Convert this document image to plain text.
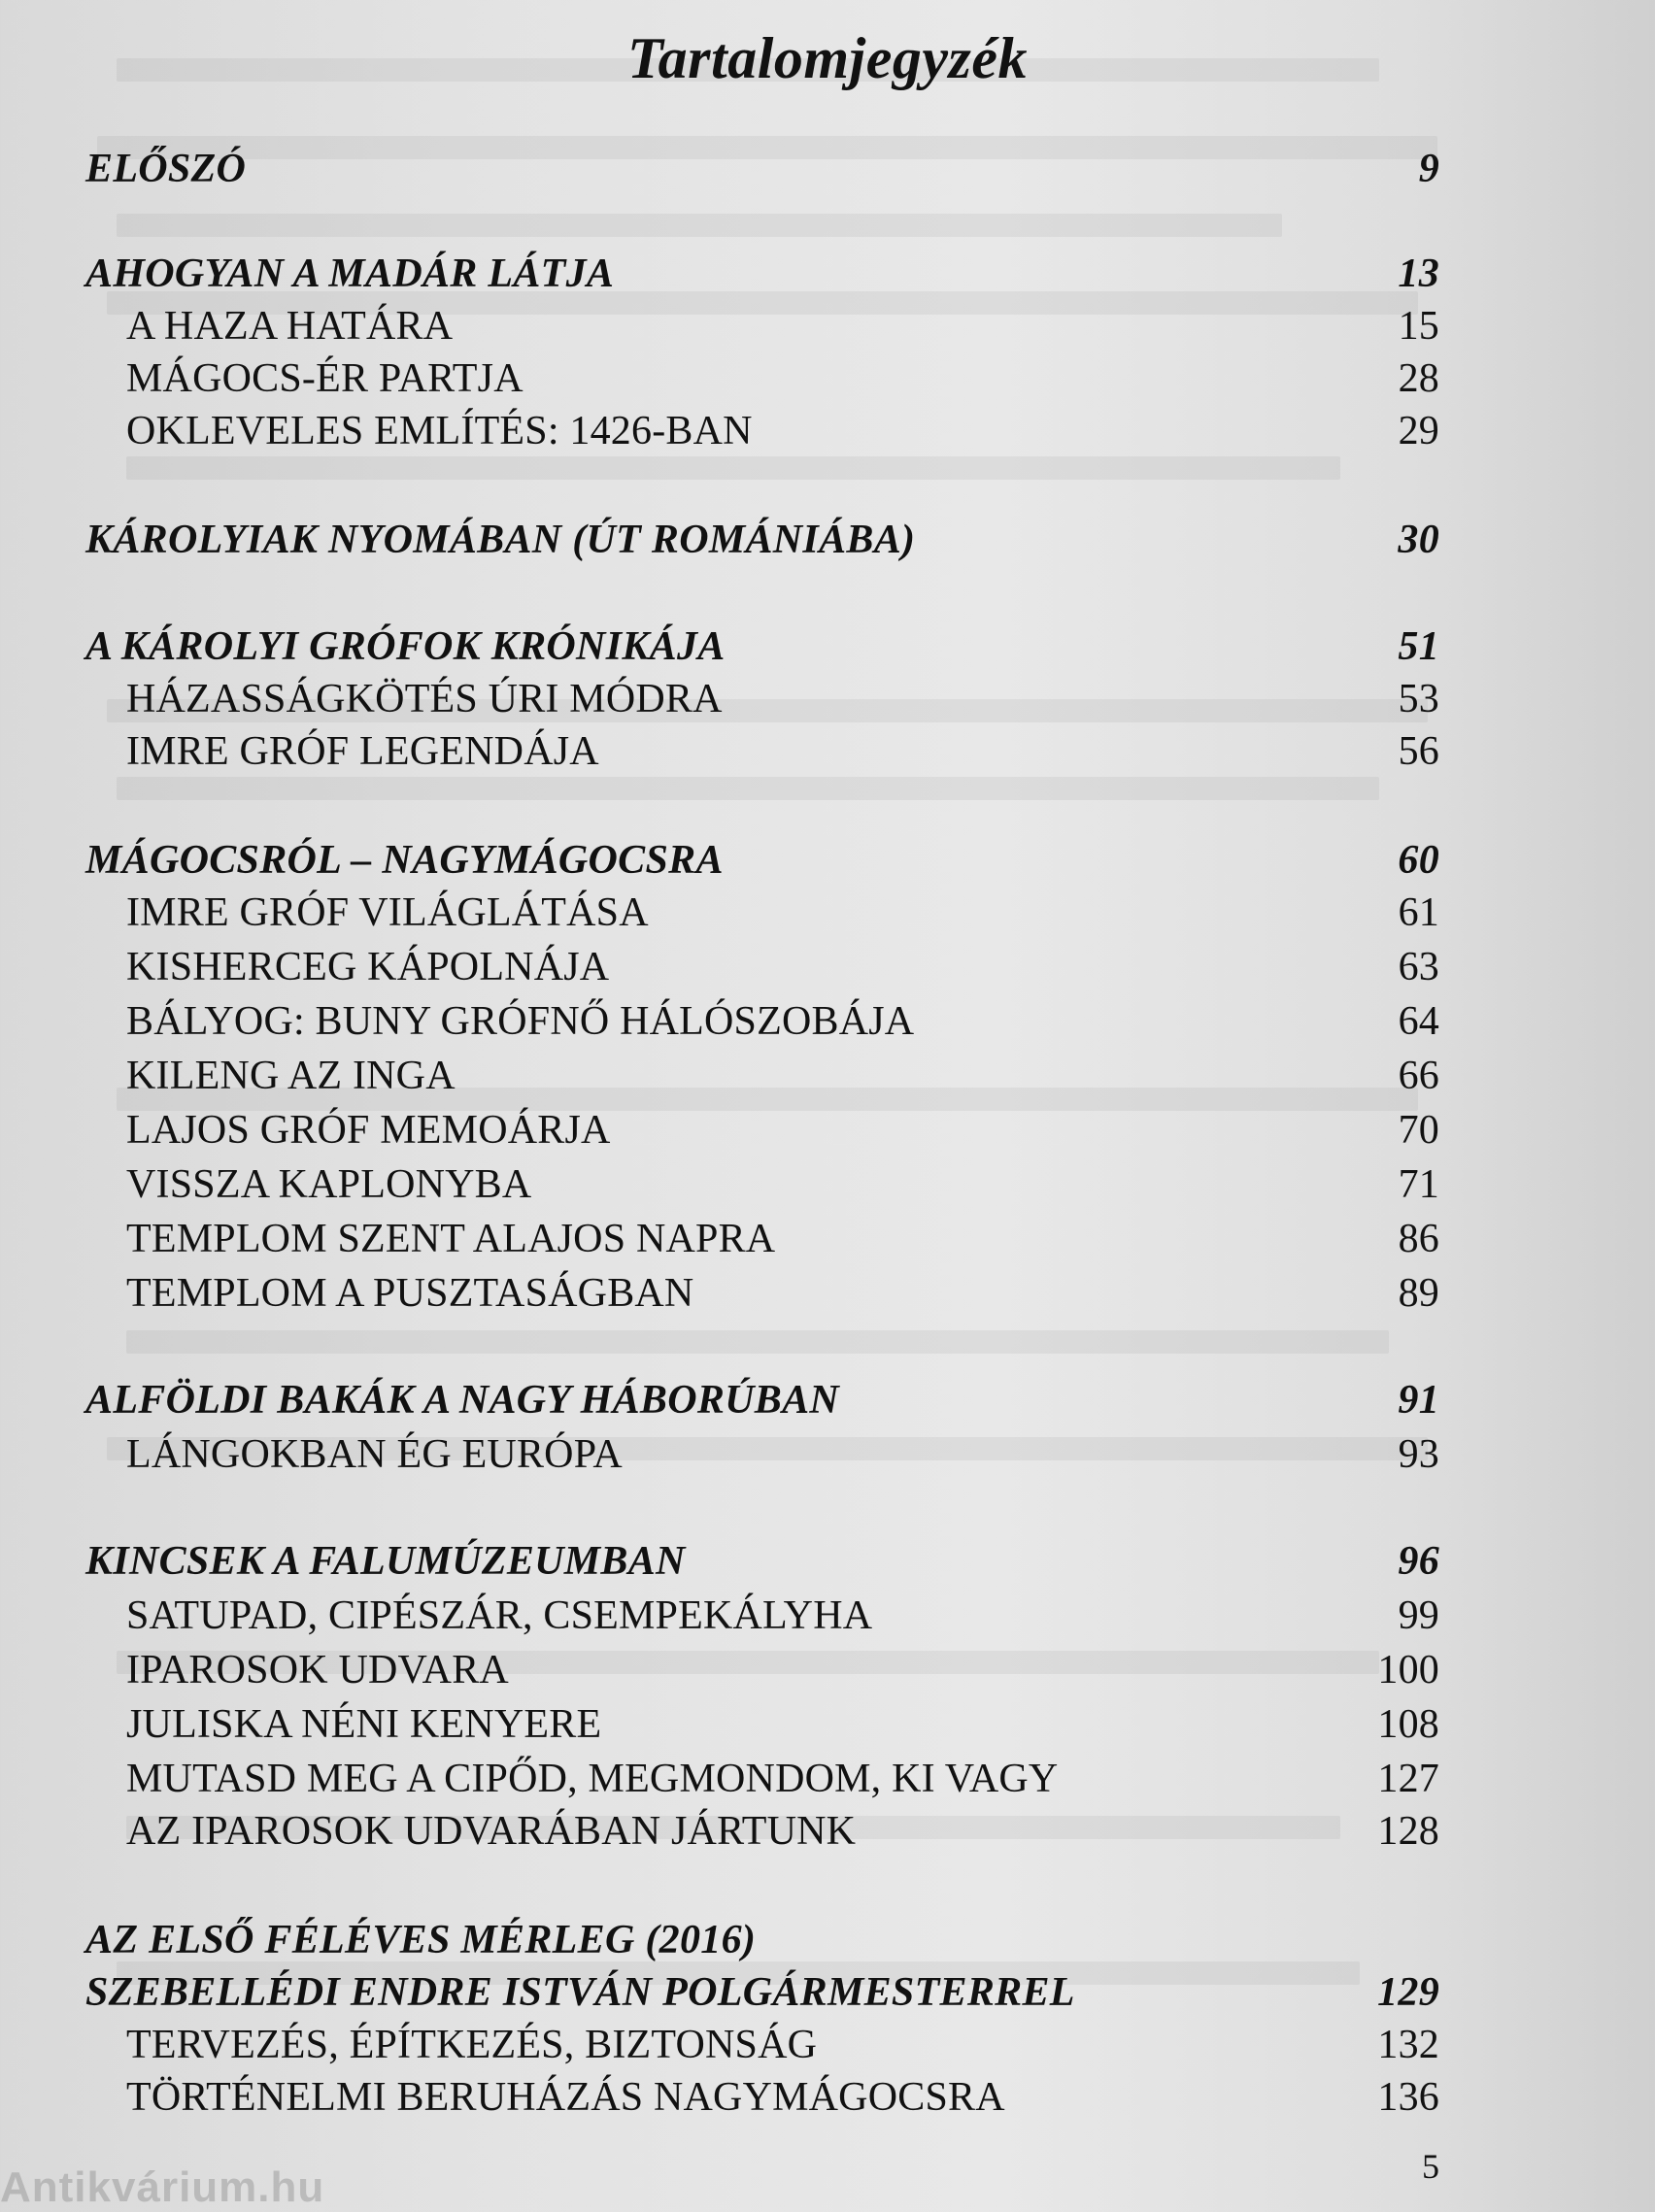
Tartalomjegyzék
ELŐSZÓ	9
AHOGYAN A MADÁR LÁTJA	13
A HAZA HATÁRA	15
MÁGOCS-ÉR PARTJA	28
OKLEVELES EMLÍTÉS: 1426-BAN	29
KÁROLYIAK NYOMÁBAN (ÚT ROMÁNIÁBA)	30
A KÁROLYI GRÓFOK KRÓNIKÁJA	51
HÁZASSÁGKÖTÉS ÚRI MÓDRA	53
IMRE GRÓF LEGENDÁJA	56
MÁGOCSRÓL – NAGYMÁGOCSRA	60
IMRE GRÓF VILÁGLÁTÁSA	61
KISHERCEG KÁPOLNÁJA	63
BÁLYOG: BUNY GRÓFNŐ HÁLÓSZOBÁJA	64
KILENG AZ INGA	66
LAJOS GRÓF MEMOÁRJA	70
VISSZA KAPLONYBA	71
TEMPLOM SZENT ALAJOS NAPRA	86
TEMPLOM A PUSZTASÁGBAN	89
ALFÖLDI BAKÁK A NAGY HÁBORÚBAN	91
LÁNGOKBAN ÉG EURÓPA	93
KINCSEK A FALUMÚZEUMBAN	96
SATUPAD, CIPÉSZÁR, CSEMPEKÁLYHA	99
IPAROSOK UDVARA	100
JULISKA NÉNI KENYERE	108
MUTASD MEG A CIPŐD, MEGMONDOM, KI VAGY	127
AZ IPAROSOK UDVARÁBAN JÁRTUNK	128
AZ ELSŐ FÉLÉVES MÉRLEG (2016)
SZEBELLÉDI ENDRE ISTVÁN POLGÁRMESTERREL	129
TERVEZÉS, ÉPÍTKEZÉS, BIZTONSÁG	132
TÖRTÉNELMI BERUHÁZÁS NAGYMÁGOCSRA	136
5
Antikvárium.hu
